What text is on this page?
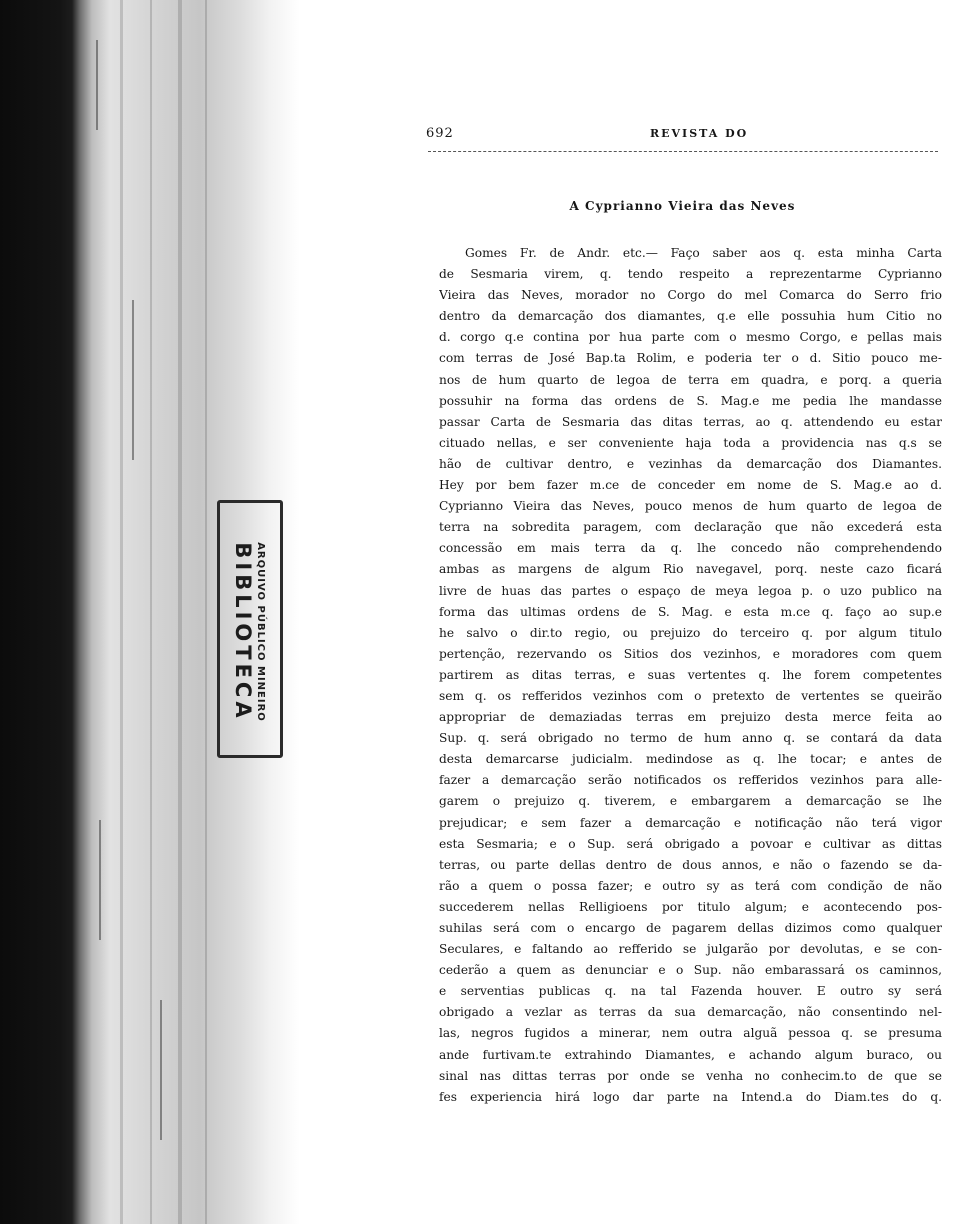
ARQUIVO PÚBLICO MINEIRO
BIBLIOTECA
692	REVISTA DO
A Cyprianno Vieira das Neves
Gomes Fr. de Andr. etc.— Faço saber aos q. esta minha Carta
de Sesmaria virem, q. tendo respeito a reprezentarme Cyprianno
Vieira das Neves, morador no Corgo do mel Comarca do Serro frio
dentro da demarcação dos diamantes, q.e elle possuhia hum Citio no
d. corgo q.e contina por hua parte com o mesmo Corgo, e pellas mais
com terras de José Bap.ta Rolim, e poderia ter o d. Sitio pouco me-
nos de hum quarto de legoa de terra em quadra, e porq. a queria
possuhir na forma das ordens de S. Mag.e me pedia lhe mandasse
passar Carta de Sesmaria das ditas terras, ao q. attendendo eu estar
cituado nellas, e ser conveniente haja toda a providencia nas q.s se
hão de cultivar dentro, e vezinhas da demarcação dos Diamantes.
Hey por bem fazer m.ce de conceder em nome de S. Mag.e ao d.
Cyprianno Vieira das Neves, pouco menos de hum quarto de legoa de
terra na sobredita paragem, com declaração que não excederá esta
concessão em mais terra da q. lhe concedo não comprehendendo
ambas as margens de algum Rio navegavel, porq. neste cazo ficará
livre de huas das partes o espaço de meya legoa p. o uzo publico na
forma das ultimas ordens de S. Mag. e esta m.ce q. faço ao sup.e
he salvo o dir.to regio, ou prejuizo do terceiro q. por algum titulo
pertenção, rezervando os Sitios dos vezinhos, e moradores com quem
partirem as ditas terras, e suas vertentes q. lhe forem competentes
sem q. os refferidos vezinhos com o pretexto de vertentes se queirão
appropriar de demaziadas terras em prejuizo desta merce feita ao
Sup. q. será obrigado no termo de hum anno q. se contará da data
desta demarcarse judicialm. medindose as q. lhe tocar; e antes de
fazer a demarcação serão notificados os refferidos vezinhos para alle-
garem o prejuizo q. tiverem, e embargarem a demarcação se lhe
prejudicar; e sem fazer a demarcação e notificação não terá vigor
esta Sesmaria; e o Sup. será obrigado a povoar e cultivar as dittas
terras, ou parte dellas dentro de dous annos, e não o fazendo se da-
rão a quem o possa fazer; e outro sy as terá com condição de não
succederem nellas Relligioens por titulo algum; e acontecendo pos-
suhilas será com o encargo de pagarem dellas dizimos como qualquer
Seculares, e faltando ao refferido se julgarão por devolutas, e se con-
cederão a quem as denunciar e o Sup. não embarassará os caminnos,
e serventias publicas q. na tal Fazenda houver. E outro sy será
obrigado a vezlar as terras da sua demarcação, não consentindo nel-
las, negros fugidos a minerar, nem outra alguã pessoa q. se presuma
ande furtivam.te extrahindo Diamantes, e achando algum buraco, ou
sinal nas dittas terras por onde se venha no conhecim.to de que se
fes experiencia hirá logo dar parte na Intend.a do Diam.tes do q.
